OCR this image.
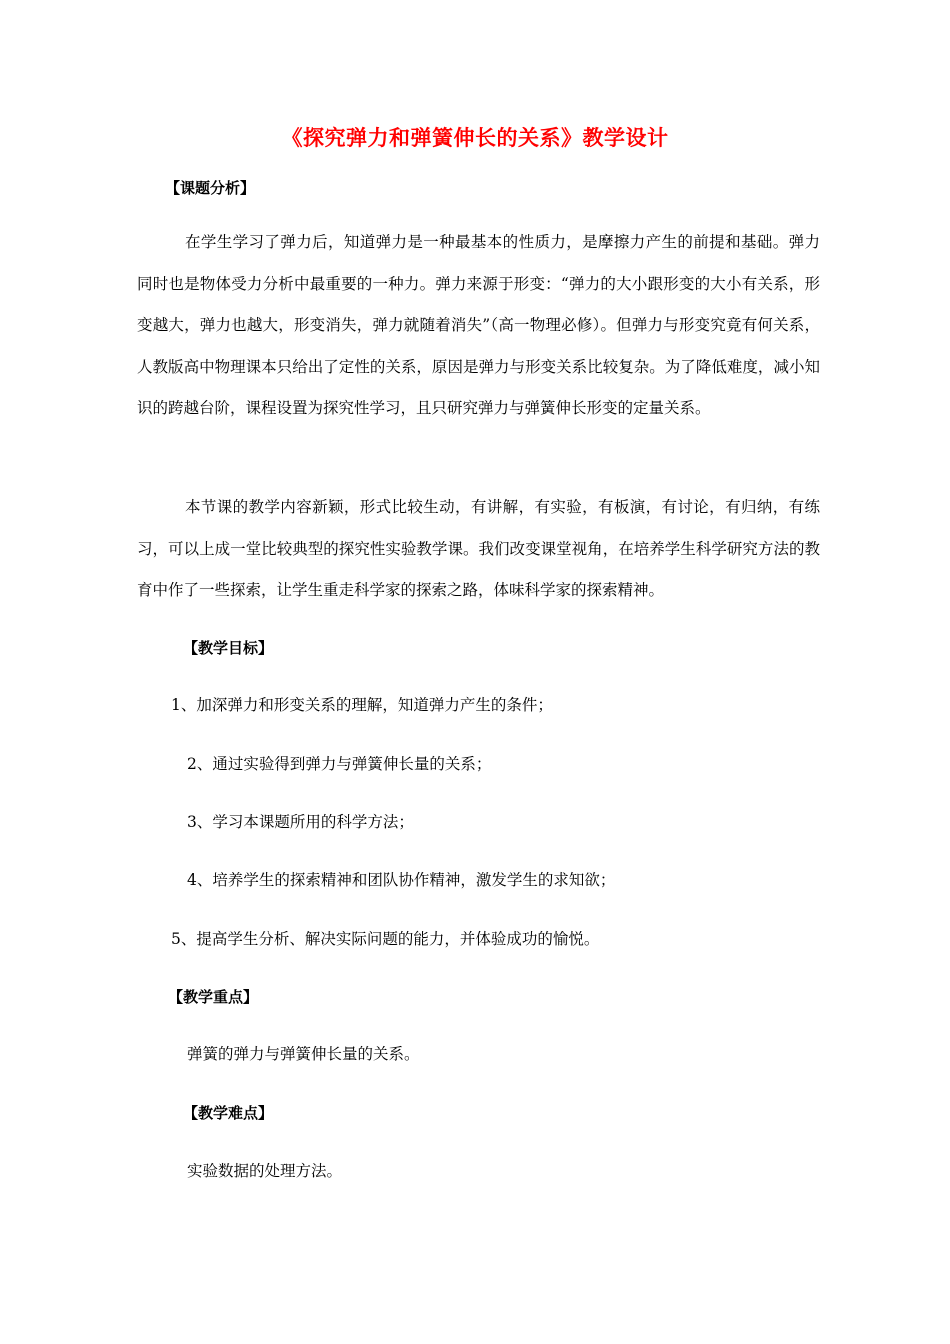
《探究弹力和弹簧伸长的关系》教学设计
【课题分析】

在学生学习了弹力后，知道弹力是一种最基本的性质力，是摩擦力产生的前提和基础。弹力同时也是物体受力分析中最重要的一种力。弹力来源于形变：“弹力的大小跟形变的大小有关系，形变越大，弹力也越大，形变消失，弹力就随着消失”（高一物理必修）。但弹力与形变究竟有何关系，人教版高中物理课本只给出了定性的关系，原因是弹力与形变关系比较复杂。为了降低难度，减小知识的跨越台阶，课程设置为探究性学习，且只研究弹力与弹簧伸长形变的定量关系。

本节课的教学内容新颖，形式比较生动，有讲解，有实验，有板演，有讨论，有归纳，有练习，可以上成一堂比较典型的探究性实验教学课。我们改变课堂视角，在培养学生科学研究方法的教育中作了一些探索，让学生重走科学家的探索之路，体味科学家的探索精神。

【教学目标】
1、加深弹力和形变关系的理解，知道弹力产生的条件；
2、通过实验得到弹力与弹簧伸长量的关系；
3、学习本课题所用的科学方法；
4、培养学生的探索精神和团队协作精神，激发学生的求知欲；
5、提高学生分析、解决实际问题的能力，并体验成功的愉悦。
【教学重点】
弹簧的弹力与弹簧伸长量的关系。
【教学难点】
实验数据的处理方法。
